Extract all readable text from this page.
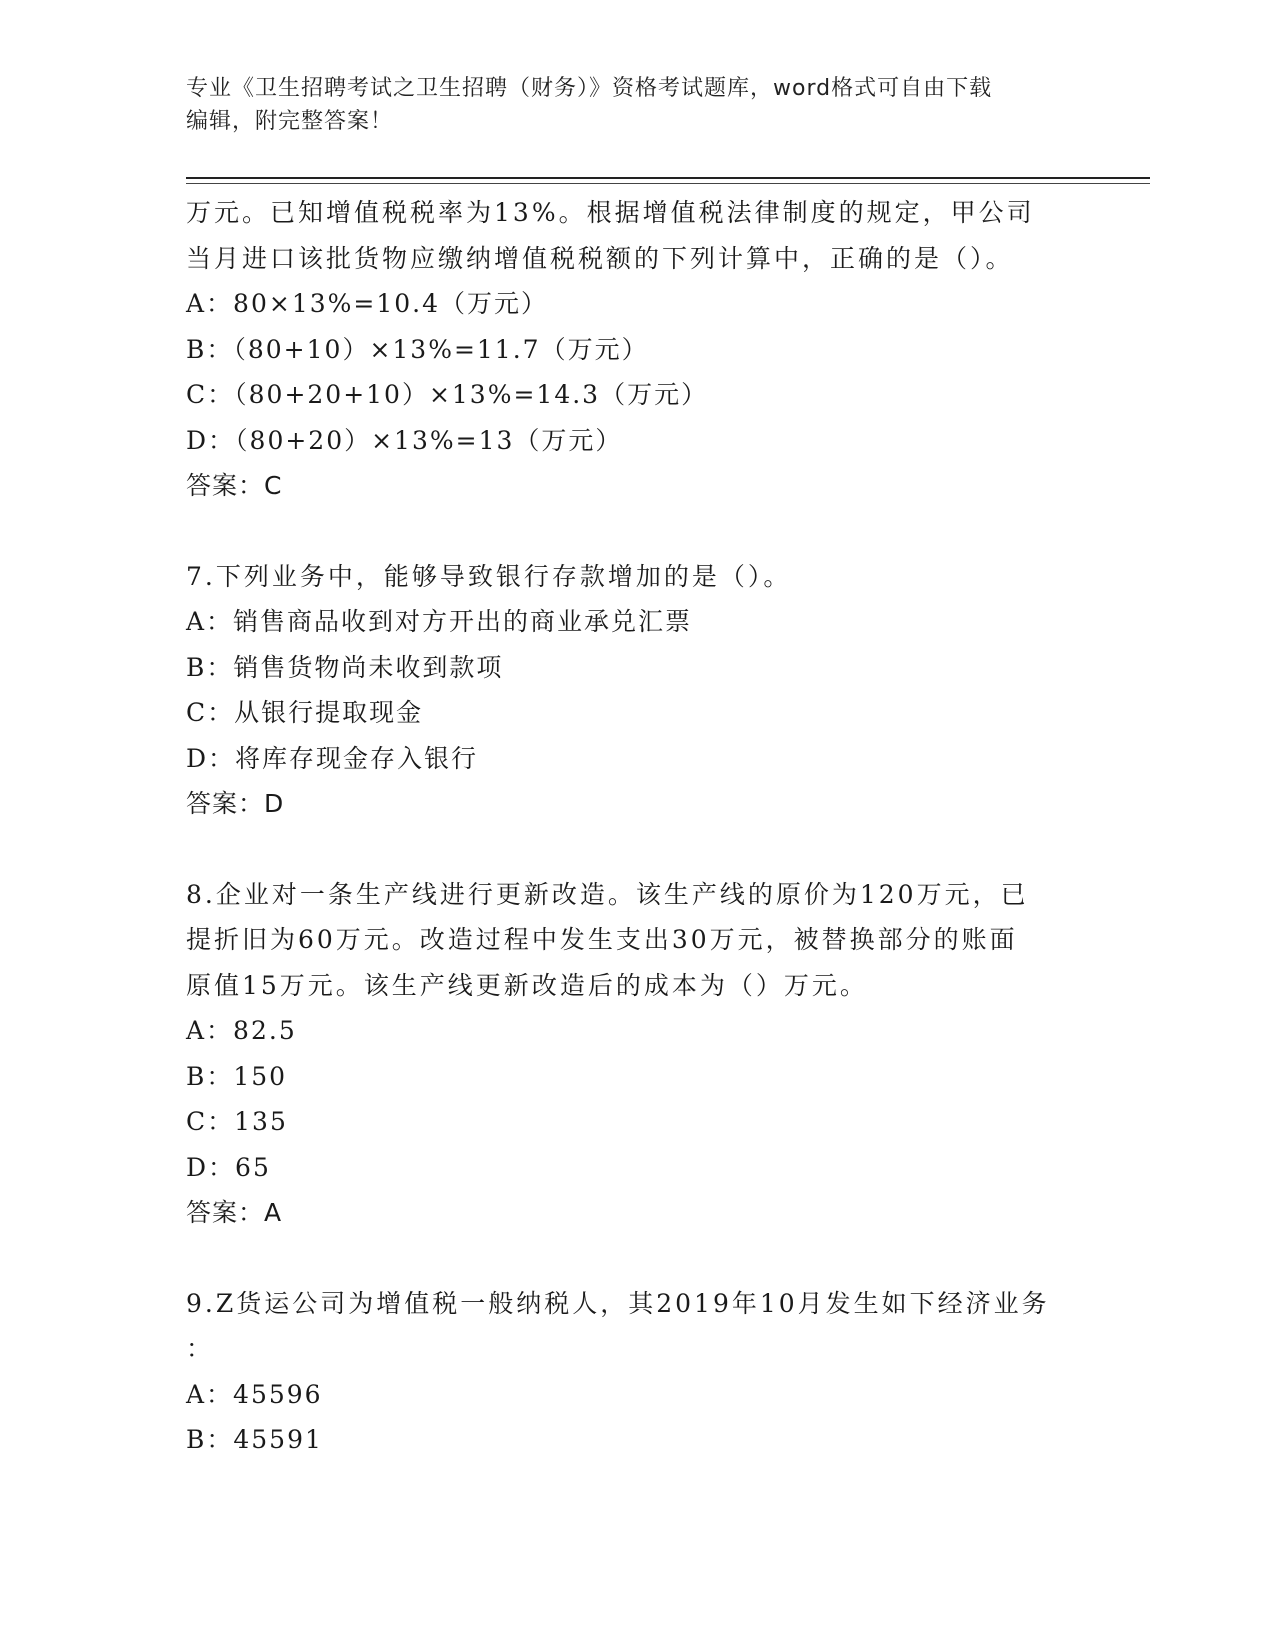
专业《卫生招聘考试之卫生招聘（财务）》资格考试题库，word格式可自由下载
编辑，附完整答案！

万元。已知增值税税率为13%。根据增值税法律制度的规定，甲公司

当月进口该批货物应缴纳增值税税额的下列计算中，正确的是（）。

A：80×13%=10.4（万元）

B：（80+10）×13%=11.7（万元）

C：（80+20+10）×13%=14.3（万元）

D：（80+20）×13%=13（万元）

答案：C

7.下列业务中，能够导致银行存款增加的是（）。

A：销售商品收到对方开出的商业承兑汇票

B：销售货物尚未收到款项

C：从银行提取现金

D：将库存现金存入银行

答案：D

8.企业对一条生产线进行更新改造。该生产线的原价为120万元，已

提折旧为60万元。改造过程中发生支出30万元，被替换部分的账面

原值15万元。该生产线更新改造后的成本为（）万元。

A：82.5

B：150

C：135

D：65

答案：A

9.Z货运公司为增值税一般纳税人，其2019年10月发生如下经济业务

：

A：45596

B：45591
